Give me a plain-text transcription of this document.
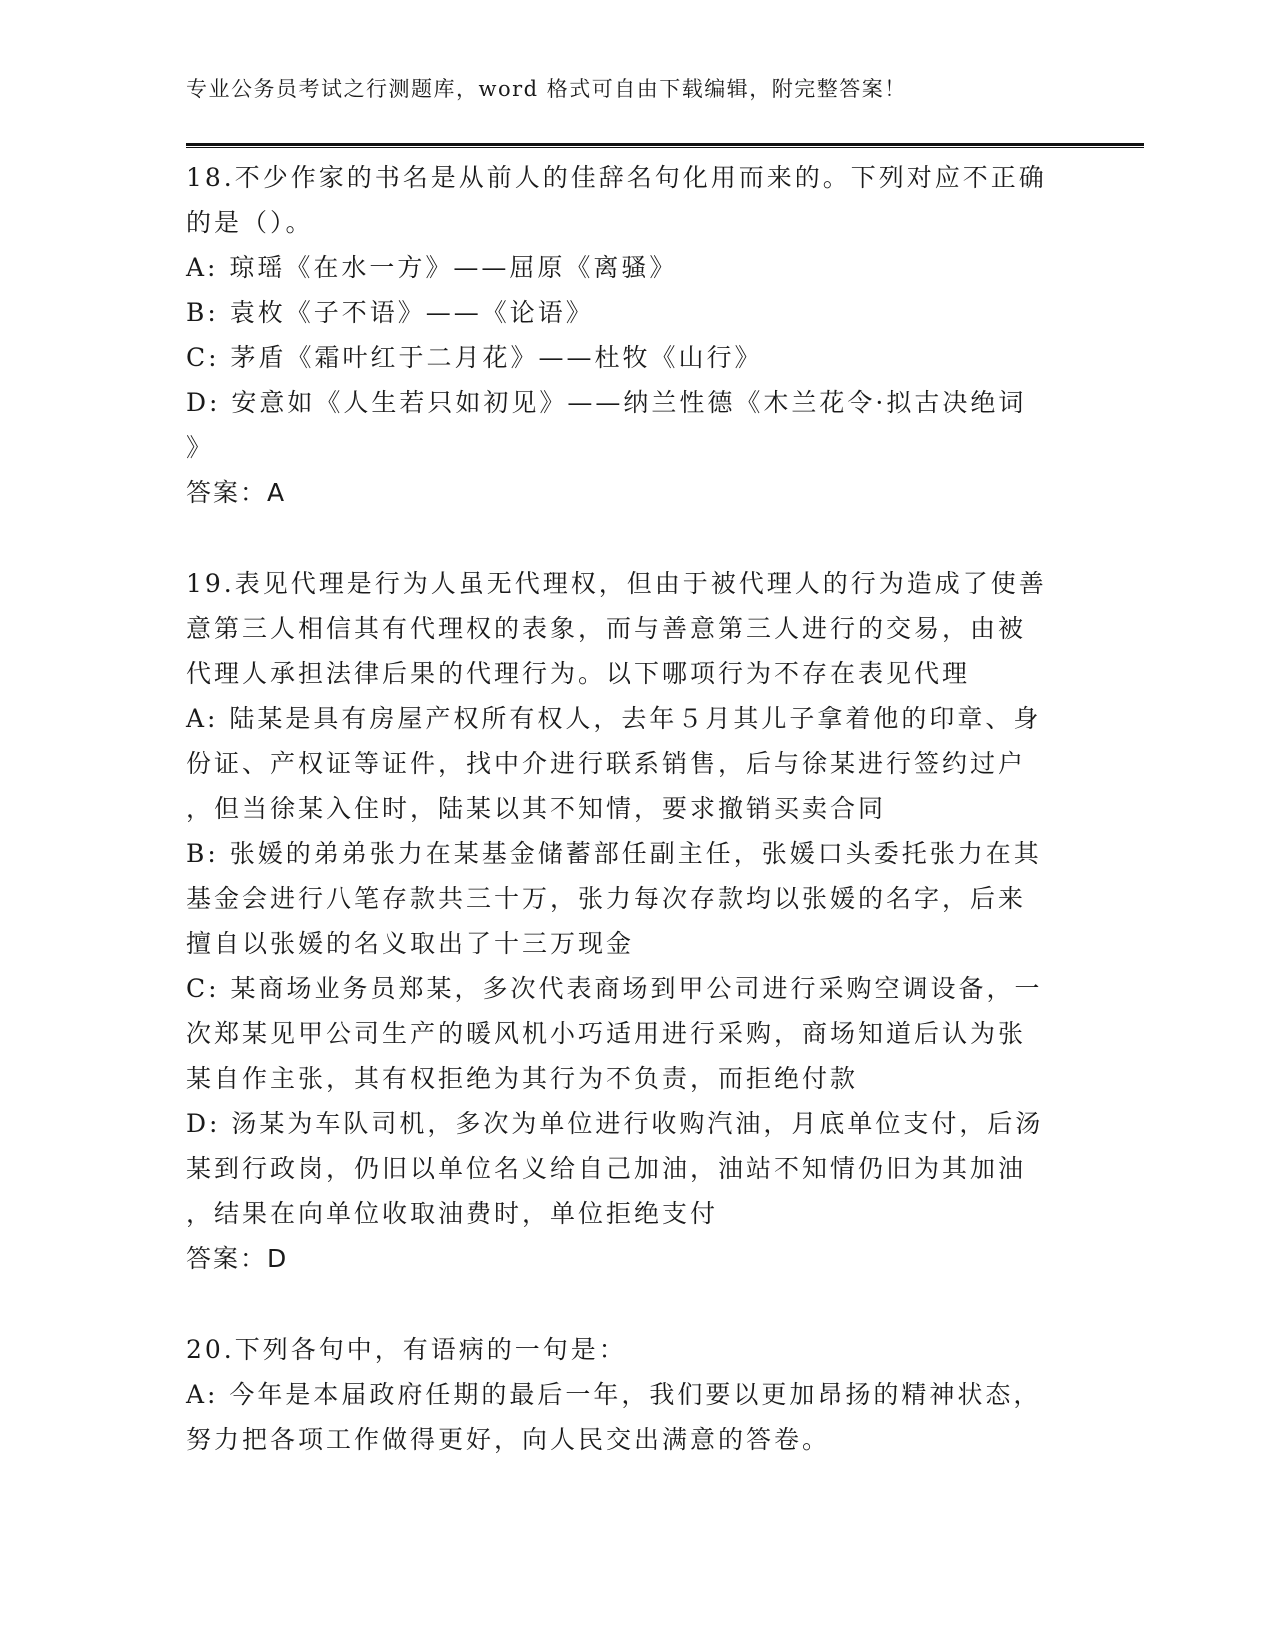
专业公务员考试之行测题库，word 格式可自由下载编辑，附完整答案！
18.不少作家的书名是从前人的佳辞名句化用而来的。下列对应不正确
的是（）。
A: 琼瑶《在水一方》——屈原《离骚》
B: 袁枚《子不语》——《论语》
C: 茅盾《霜叶红于二月花》——杜牧《山行》
D: 安意如《人生若只如初见》——纳兰性德《木兰花令·拟古决绝词
》
答案：A
19.表见代理是行为人虽无代理权，但由于被代理人的行为造成了使善
意第三人相信其有代理权的表象，而与善意第三人进行的交易，由被
代理人承担法律后果的代理行为。以下哪项行为不存在表见代理
A: 陆某是具有房屋产权所有权人，去年５月其儿子拿着他的印章、身
份证、产权证等证件，找中介进行联系销售，后与徐某进行签约过户
，但当徐某入住时，陆某以其不知情，要求撤销买卖合同
B: 张媛的弟弟张力在某基金储蓄部任副主任，张媛口头委托张力在其
基金会进行八笔存款共三十万，张力每次存款均以张媛的名字，后来
擅自以张媛的名义取出了十三万现金
C: 某商场业务员郑某，多次代表商场到甲公司进行采购空调设备，一
次郑某见甲公司生产的暖风机小巧适用进行采购，商场知道后认为张
某自作主张，其有权拒绝为其行为不负责，而拒绝付款
D: 汤某为车队司机，多次为单位进行收购汽油，月底单位支付，后汤
某到行政岗，仍旧以单位名义给自己加油，油站不知情仍旧为其加油
，结果在向单位收取油费时，单位拒绝支付
答案：D
20.下列各句中，有语病的一句是：
A: 今年是本届政府任期的最后一年，我们要以更加昂扬的精神状态，
努力把各项工作做得更好，向人民交出满意的答卷。
